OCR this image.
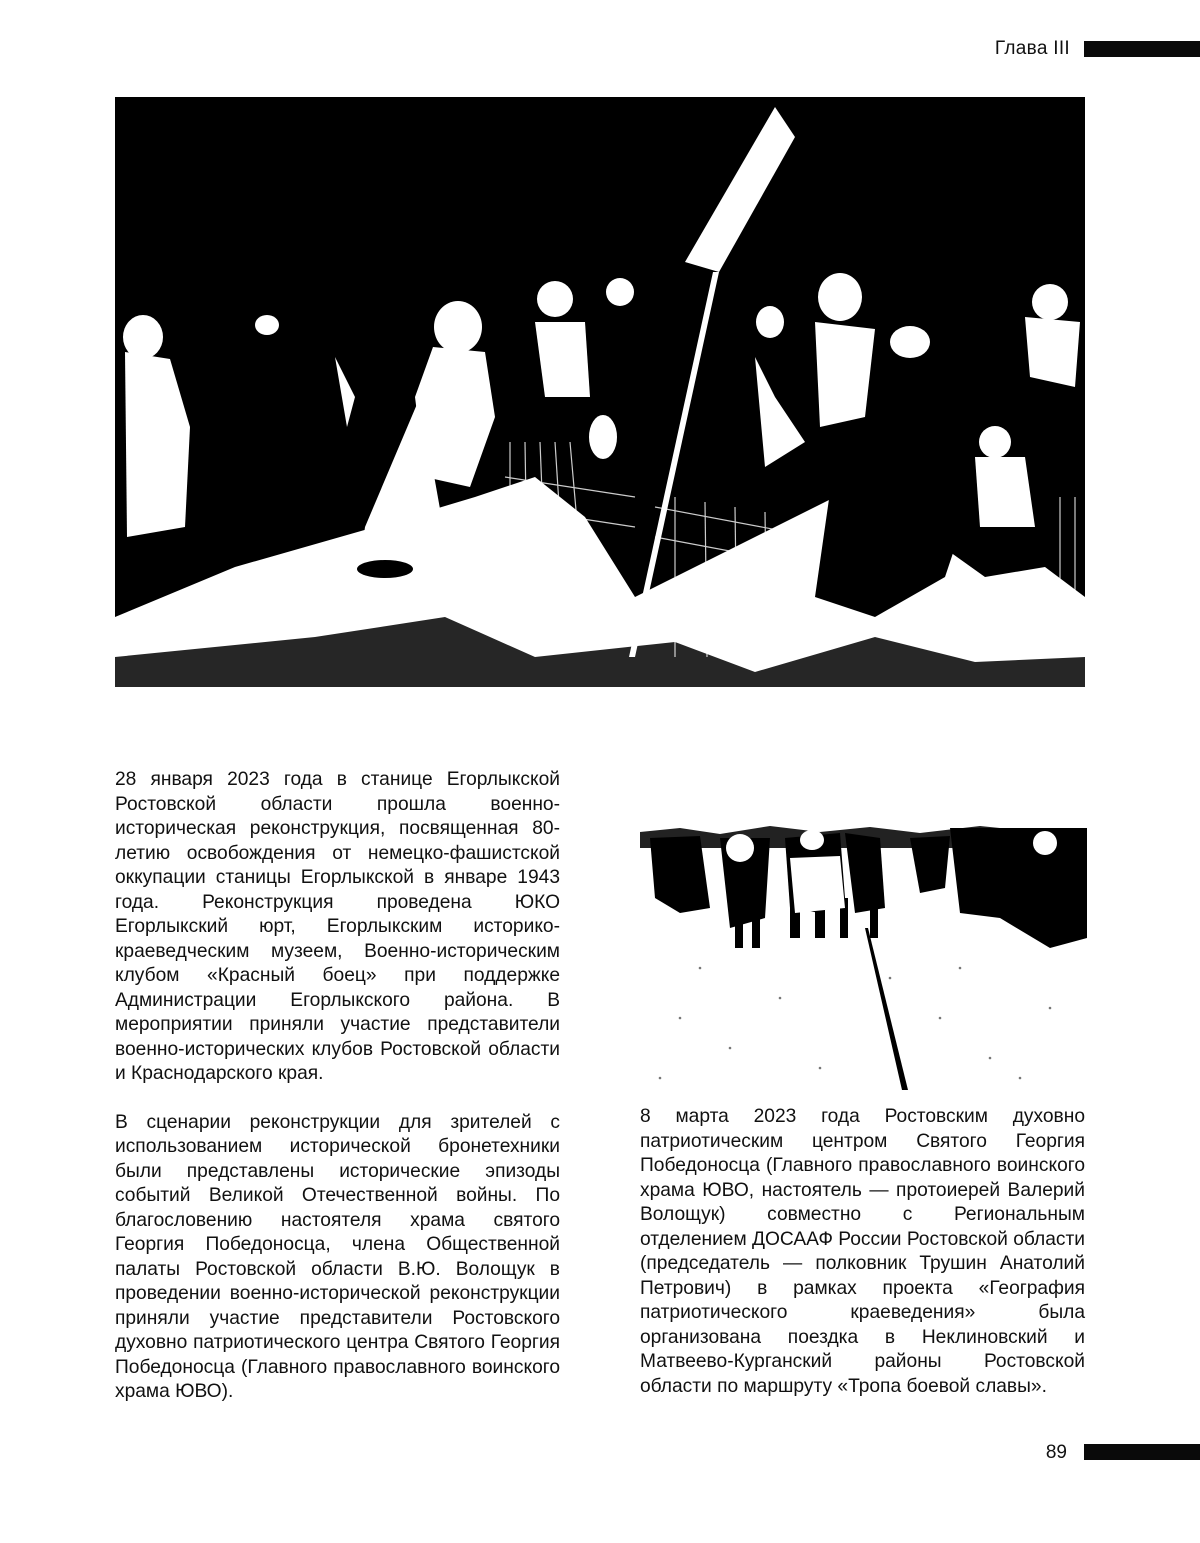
Глава III

28 января 2023 года в станице Егорлыкской Ростовской области прошла военно-историческая реконструкция, посвященная 80-летию освобождения от немецко-фашистской оккупации станицы Егорлыкской в январе 1943 года. Реконструкция проведена ЮКО Егорлыкский юрт, Егорлыкским историко-краеведческим музеем, Военно-историческим клубом «Красный боец» при поддержке Администрации Егорлыкского района. В мероприятии приняли участие представители военно-исторических клубов Ростовской области и Краснодарского края.

В сценарии реконструкции для зрителей с использованием исторической бронетехники были представлены исторические эпизоды событий Великой Отечественной войны. По благословению настоятеля храма святого Георгия Победоносца, члена Общественной палаты Ростовской области В.Ю. Волощук в проведении военно-исторической реконструкции приняли участие представители Ростовского духовно патриотического центра Святого Георгия Победоносца (Главного православного воинского храма ЮВО).

8 марта 2023 года Ростовским духовно патриотическим центром Святого Георгия Победоносца (Главного православного воинского храма ЮВО, настоятель — протоиерей Валерий Волощук) совместно с Региональным отделением ДОСААФ России Ростовской области (председатель — полковник Трушин Анатолий Петрович) в рамках проекта «География патриотического краеведения» была организована поездка в Неклиновский и Матвеево-Курганский районы Ростовской области по маршруту «Тропа боевой славы».

89
